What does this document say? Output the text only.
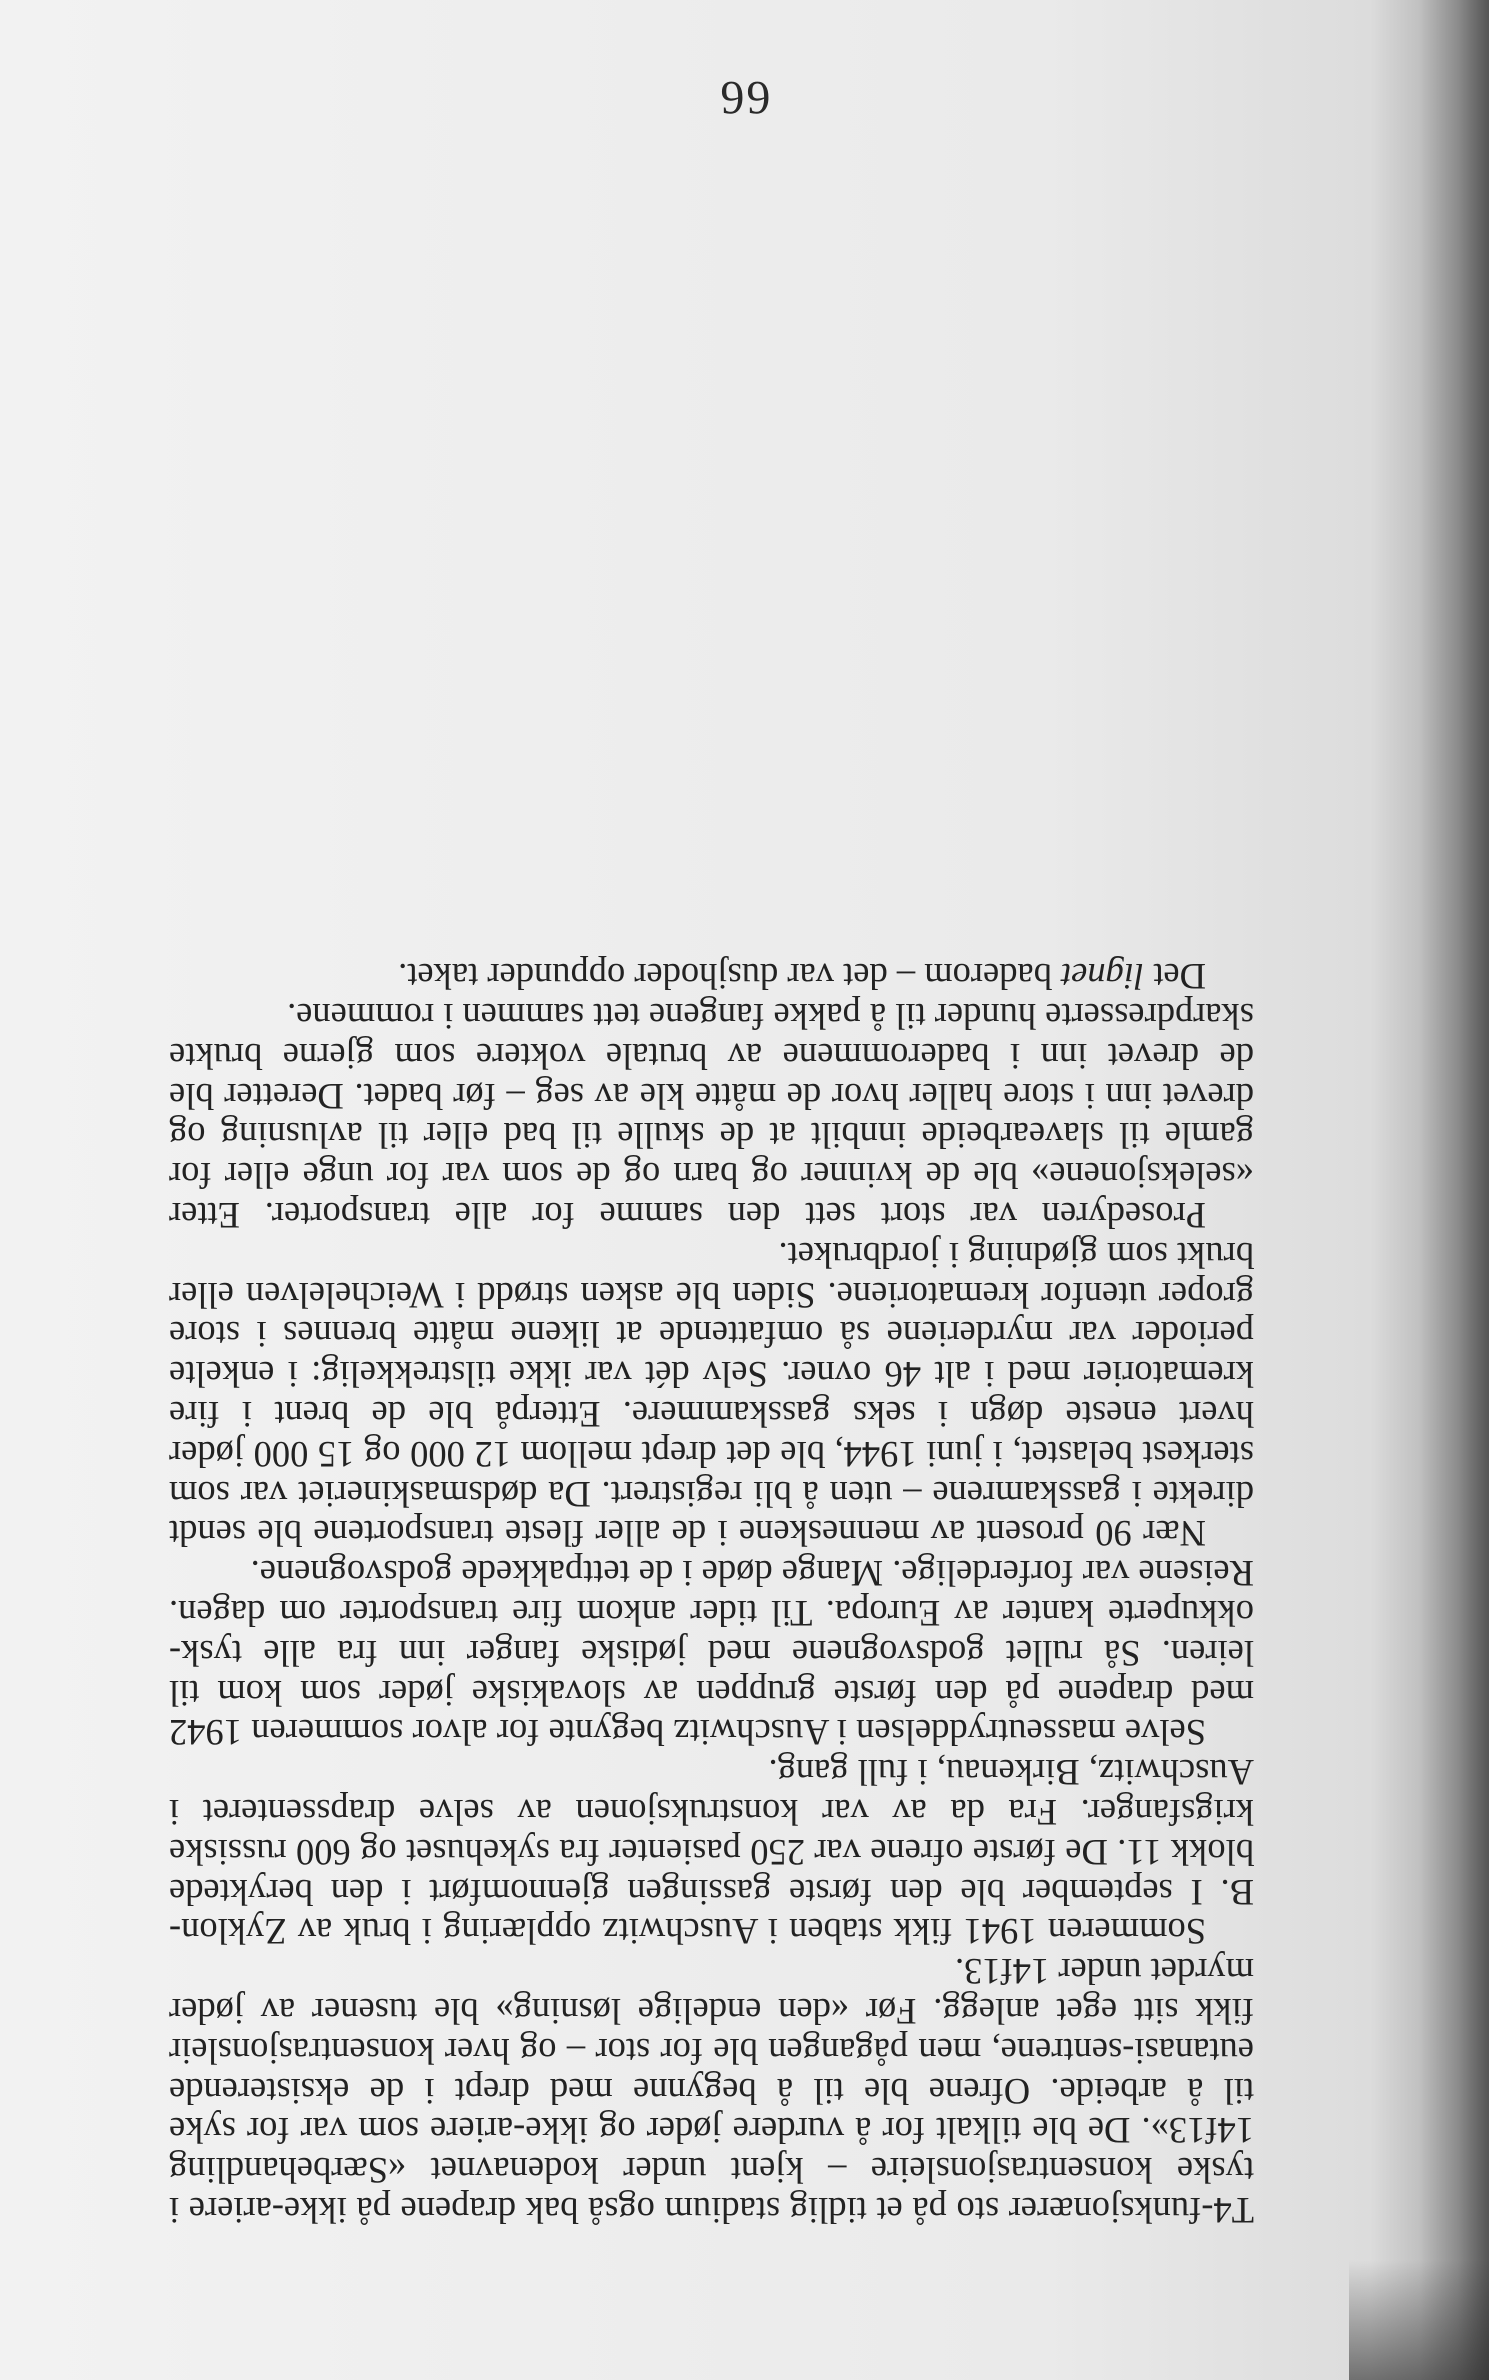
T4-funksjonærer sto på et tidlig stadium også bak drapene på ikke-ariere i tyske konsentrasjonsleire – kjent under kodenavnet «Særbehandling 14f13». De ble tilkalt for å vurdere jøder og ikke-ariere som var for syke til å arbeide. Ofrene ble til å begynne med drept i de eksisterende eutanasi-sentrene, men pågangen ble for stor – og hver konsentrasjonsleir fikk sitt eget anlegg. Før «den endelige løsning» ble tusener av jøder myrdet under 14f13.

Sommeren 1941 fikk staben i Auschwitz opplæring i bruk av Zyklon-B. I september ble den første gassingen gjennomført i den beryktede blokk 11. De første ofrene var 250 pasienter fra sykehuset og 600 russiske krigsfanger. Fra da av var konstruksjonen av selve drapssenteret i Auschwitz, Birkenau, i full gang.

Selve masseutryddelsen i Auschwitz begynte for alvor sommeren 1942 med drapene på den første gruppen av slovakiske jøder som kom til leiren. Så rullet godsvognene med jødiske fanger inn fra alle tysk-okkuperte kanter av Europa. Til tider ankom fire transporter om dagen. Reisene var forferdelige. Mange døde i de tettpakkede godsvognene.

Nær 90 prosent av menneskene i de aller fleste transportene ble sendt direkte i gasskamrene – uten å bli registrert. Da dødsmaskineriet var som sterkest belastet, i juni 1944, ble det drept mellom 12 000 og 15 000 jøder hvert eneste døgn i seks gasskammere. Etterpå ble de brent i fire krematorier med i alt 46 ovner. Selv dét var ikke tilstrekkelig: i enkelte perioder var myrderiene så omfattende at likene måtte brennes i store groper utenfor krematoriene. Siden ble asken strødd i Weichelelven eller brukt som gjødning i jordbruket.

Prosedyren var stort sett den samme for alle transporter. Etter «seleksjonene» ble de kvinner og barn og de som var for unge eller for gamle til slavearbeide innbilt at de skulle til bad eller til avlusning og drevet inn i store haller hvor de måtte kle av seg – før badet. Deretter ble de drevet inn i baderommene av brutale voktere som gjerne brukte skarpdresserte hunder til å pakke fangene tett sammen i rommene.

Det lignet baderom – det var dusjhoder oppunder taket.

66
